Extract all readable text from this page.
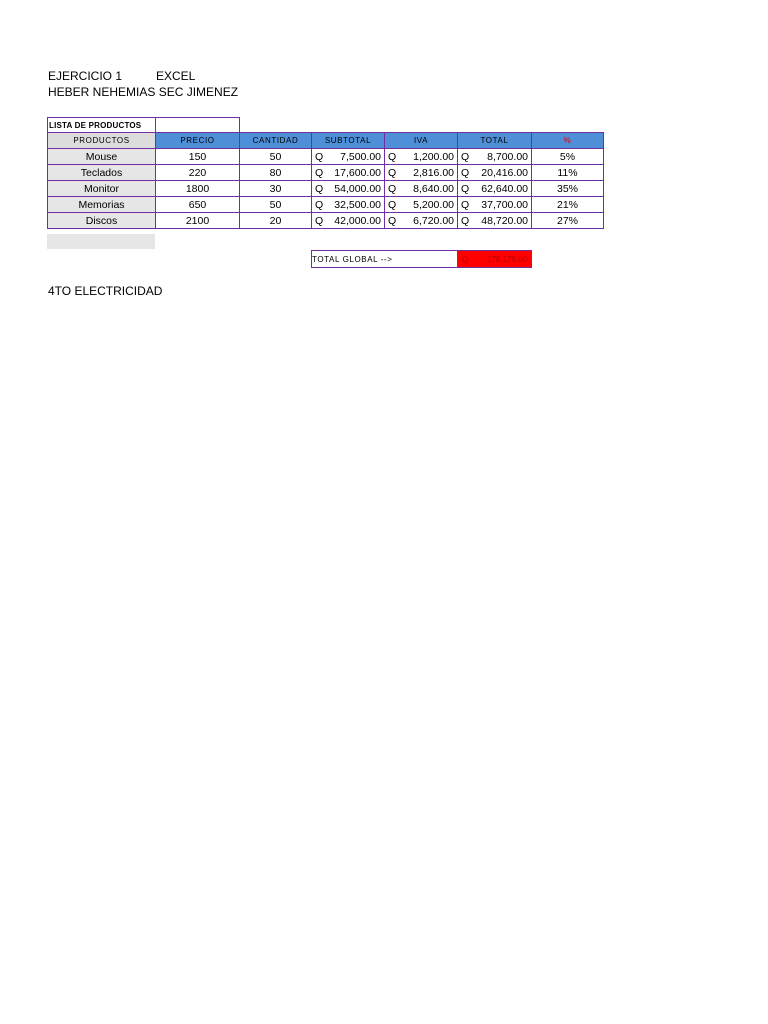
EJERCICIO 1	EXCEL
HEBER NEHEMIAS SEC JIMENEZ
LISTA DE PRODUCTOS
PRODUCTOS	PRECIO	CANTIDAD	SUBTOTAL	IVA	TOTAL	%
Mouse	150	50	Q 7,500.00	Q 1,200.00	Q 8,700.00	5%
Teclados	220	80	Q 17,600.00	Q 2,816.00	Q 20,416.00	11%
Monitor	1800	30	Q 54,000.00	Q 8,640.00	Q 62,640.00	35%
Memorias	650	50	Q 32,500.00	Q 5,200.00	Q 37,700.00	21%
Discos	2100	20	Q 42,000.00	Q 6,720.00	Q 48,720.00	27%
TOTAL GLOBAL -->	Q 178,176.00
4TO ELECTRICIDAD
